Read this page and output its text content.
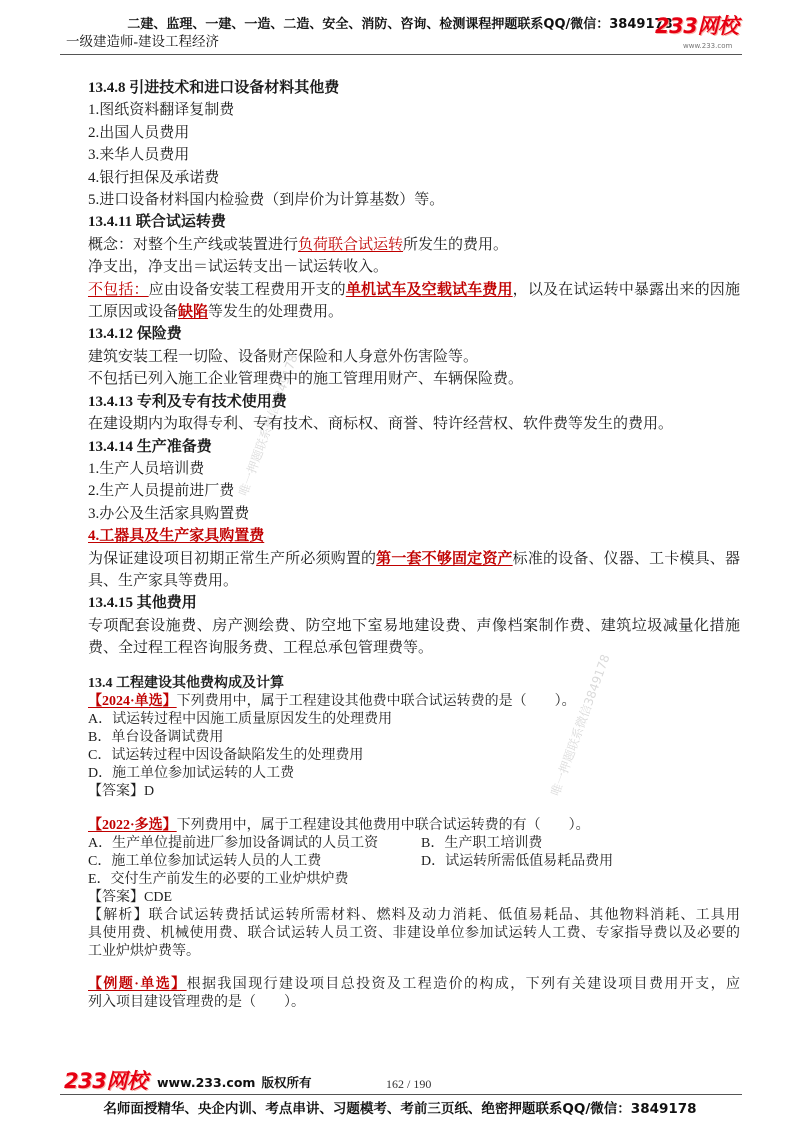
二建、监理、一建、一造、二造、安全、消防、咨询、检测课程押题联系QQ/微信：3849178
一级建造师-建设工程经济
233网校
www.233.com
唯一押题联系微信3849178
唯一押题联系微信3849178
13.4.8 引进技术和进口设备材料其他费
1.图纸资料翻译复制费
2.出国人员费用
3.来华人员费用
4.银行担保及承诺费
5.进口设备材料国内检验费（到岸价为计算基数）等。
13.4.11 联合试运转费
概念：对整个生产线或装置进行负荷联合试运转所发生的费用。
净支出，净支出＝试运转支出－试运转收入。
不包括：应由设备安装工程费用开支的单机试车及空载试车费用，以及在试运转中暴露出来的因施
工原因或设备缺陷等发生的处理费用。
13.4.12 保险费
建筑安装工程一切险、设备财产保险和人身意外伤害险等。
不包括已列入施工企业管理费中的施工管理用财产、车辆保险费。
13.4.13 专利及专有技术使用费
在建设期内为取得专利、专有技术、商标权、商誉、特许经营权、软件费等发生的费用。
13.4.14 生产准备费
1.生产人员培训费
2.生产人员提前进厂费
3.办公及生活家具购置费
4.工器具及生产家具购置费
为保证建设项目初期正常生产所必须购置的第一套不够固定资产标准的设备、仪器、工卡模具、器
具、生产家具等费用。
13.4.15 其他费用
专项配套设施费、房产测绘费、防空地下室易地建设费、声像档案制作费、建筑垃圾减量化措施
费、全过程工程咨询服务费、工程总承包管理费等。
13.4 工程建设其他费构成及计算
【2024·单选】下列费用中，属于工程建设其他费中联合试运转费的是（　　）。
A．试运转过程中因施工质量原因发生的处理费用
B．单台设备调试费用
C．试运转过程中因设备缺陷发生的处理费用
D．施工单位参加试运转的人工费
【答案】D
【2022·多选】下列费用中，属于工程建设其他费用中联合试运转费的有（　　）。
A．生产单位提前进厂参加设备调试的人员工资	B．生产职工培训费
C．施工单位参加试运转人员的人工费	D．试运转所需低值易耗品费用
E．交付生产前发生的必要的工业炉烘炉费
【答案】CDE
【解析】联合试运转费括试运转所需材料、燃料及动力消耗、低值易耗品、其他物料消耗、工具用
具使用费、机械使用费、联合试运转人员工资、非建设单位参加试运转人工费、专家指导费以及必要的
工业炉烘炉费等。
【例题·单选】根据我国现行建设项目总投资及工程造价的构成，下列有关建设项目费用开支，应
列入项目建设管理费的是（　　）。
233网校 www.233.com 版权所有	162 / 190
名师面授精华、央企内训、考点串讲、习题模考、考前三页纸、绝密押题联系QQ/微信：3849178
